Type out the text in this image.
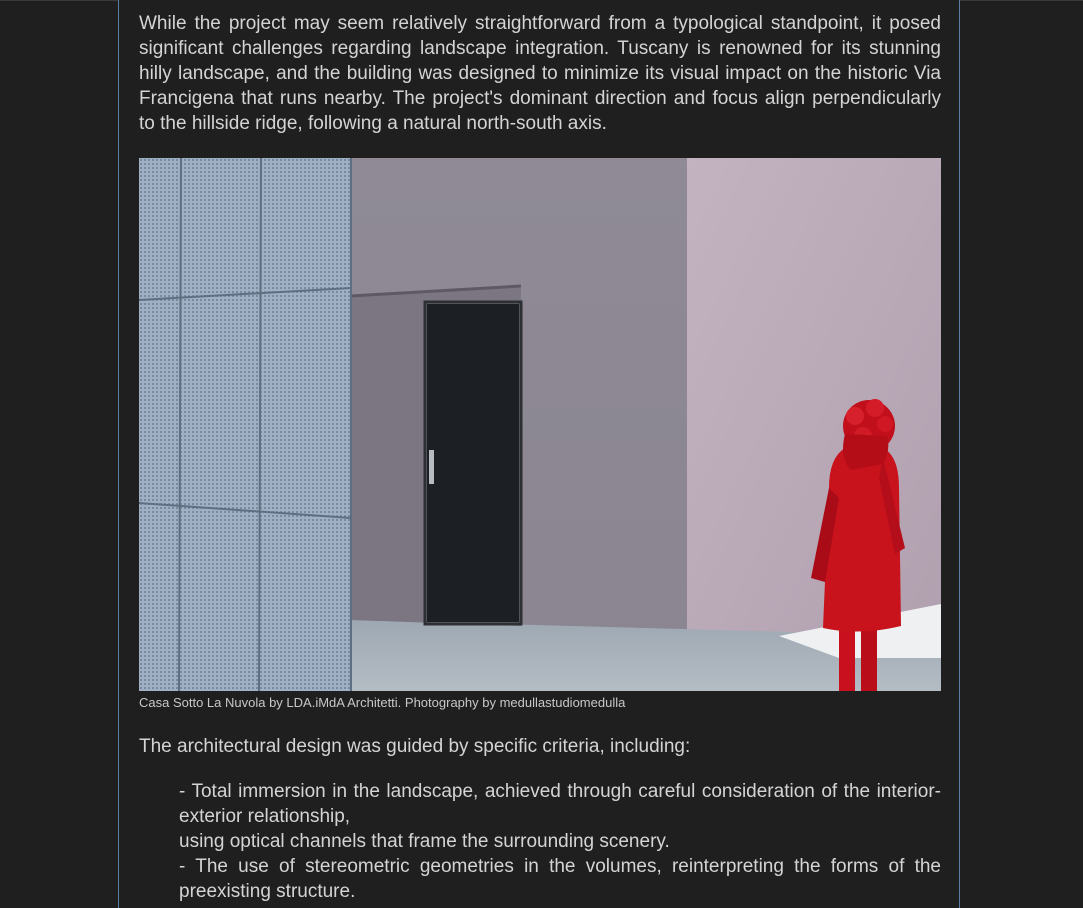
While the project may seem relatively straightforward from a typological standpoint, it posed significant challenges regarding landscape integration. Tuscany is renowned for its stunning hilly landscape, and the building was designed to minimize its visual impact on the historic Via Francigena that runs nearby. The project's dominant direction and focus align perpendicularly to the hillside ridge, following a natural north-south axis.

Casa Sotto La Nuvola by LDA.iMdA Architetti. Photography by medullastudiomedulla

The architectural design was guided by specific criteria, including:

- Total immersion in the landscape, achieved through careful consideration of the interior-exterior relationship,
using optical channels that frame the surrounding scenery.
- The use of stereometric geometries in the volumes, reinterpreting the forms of the preexisting structure.
